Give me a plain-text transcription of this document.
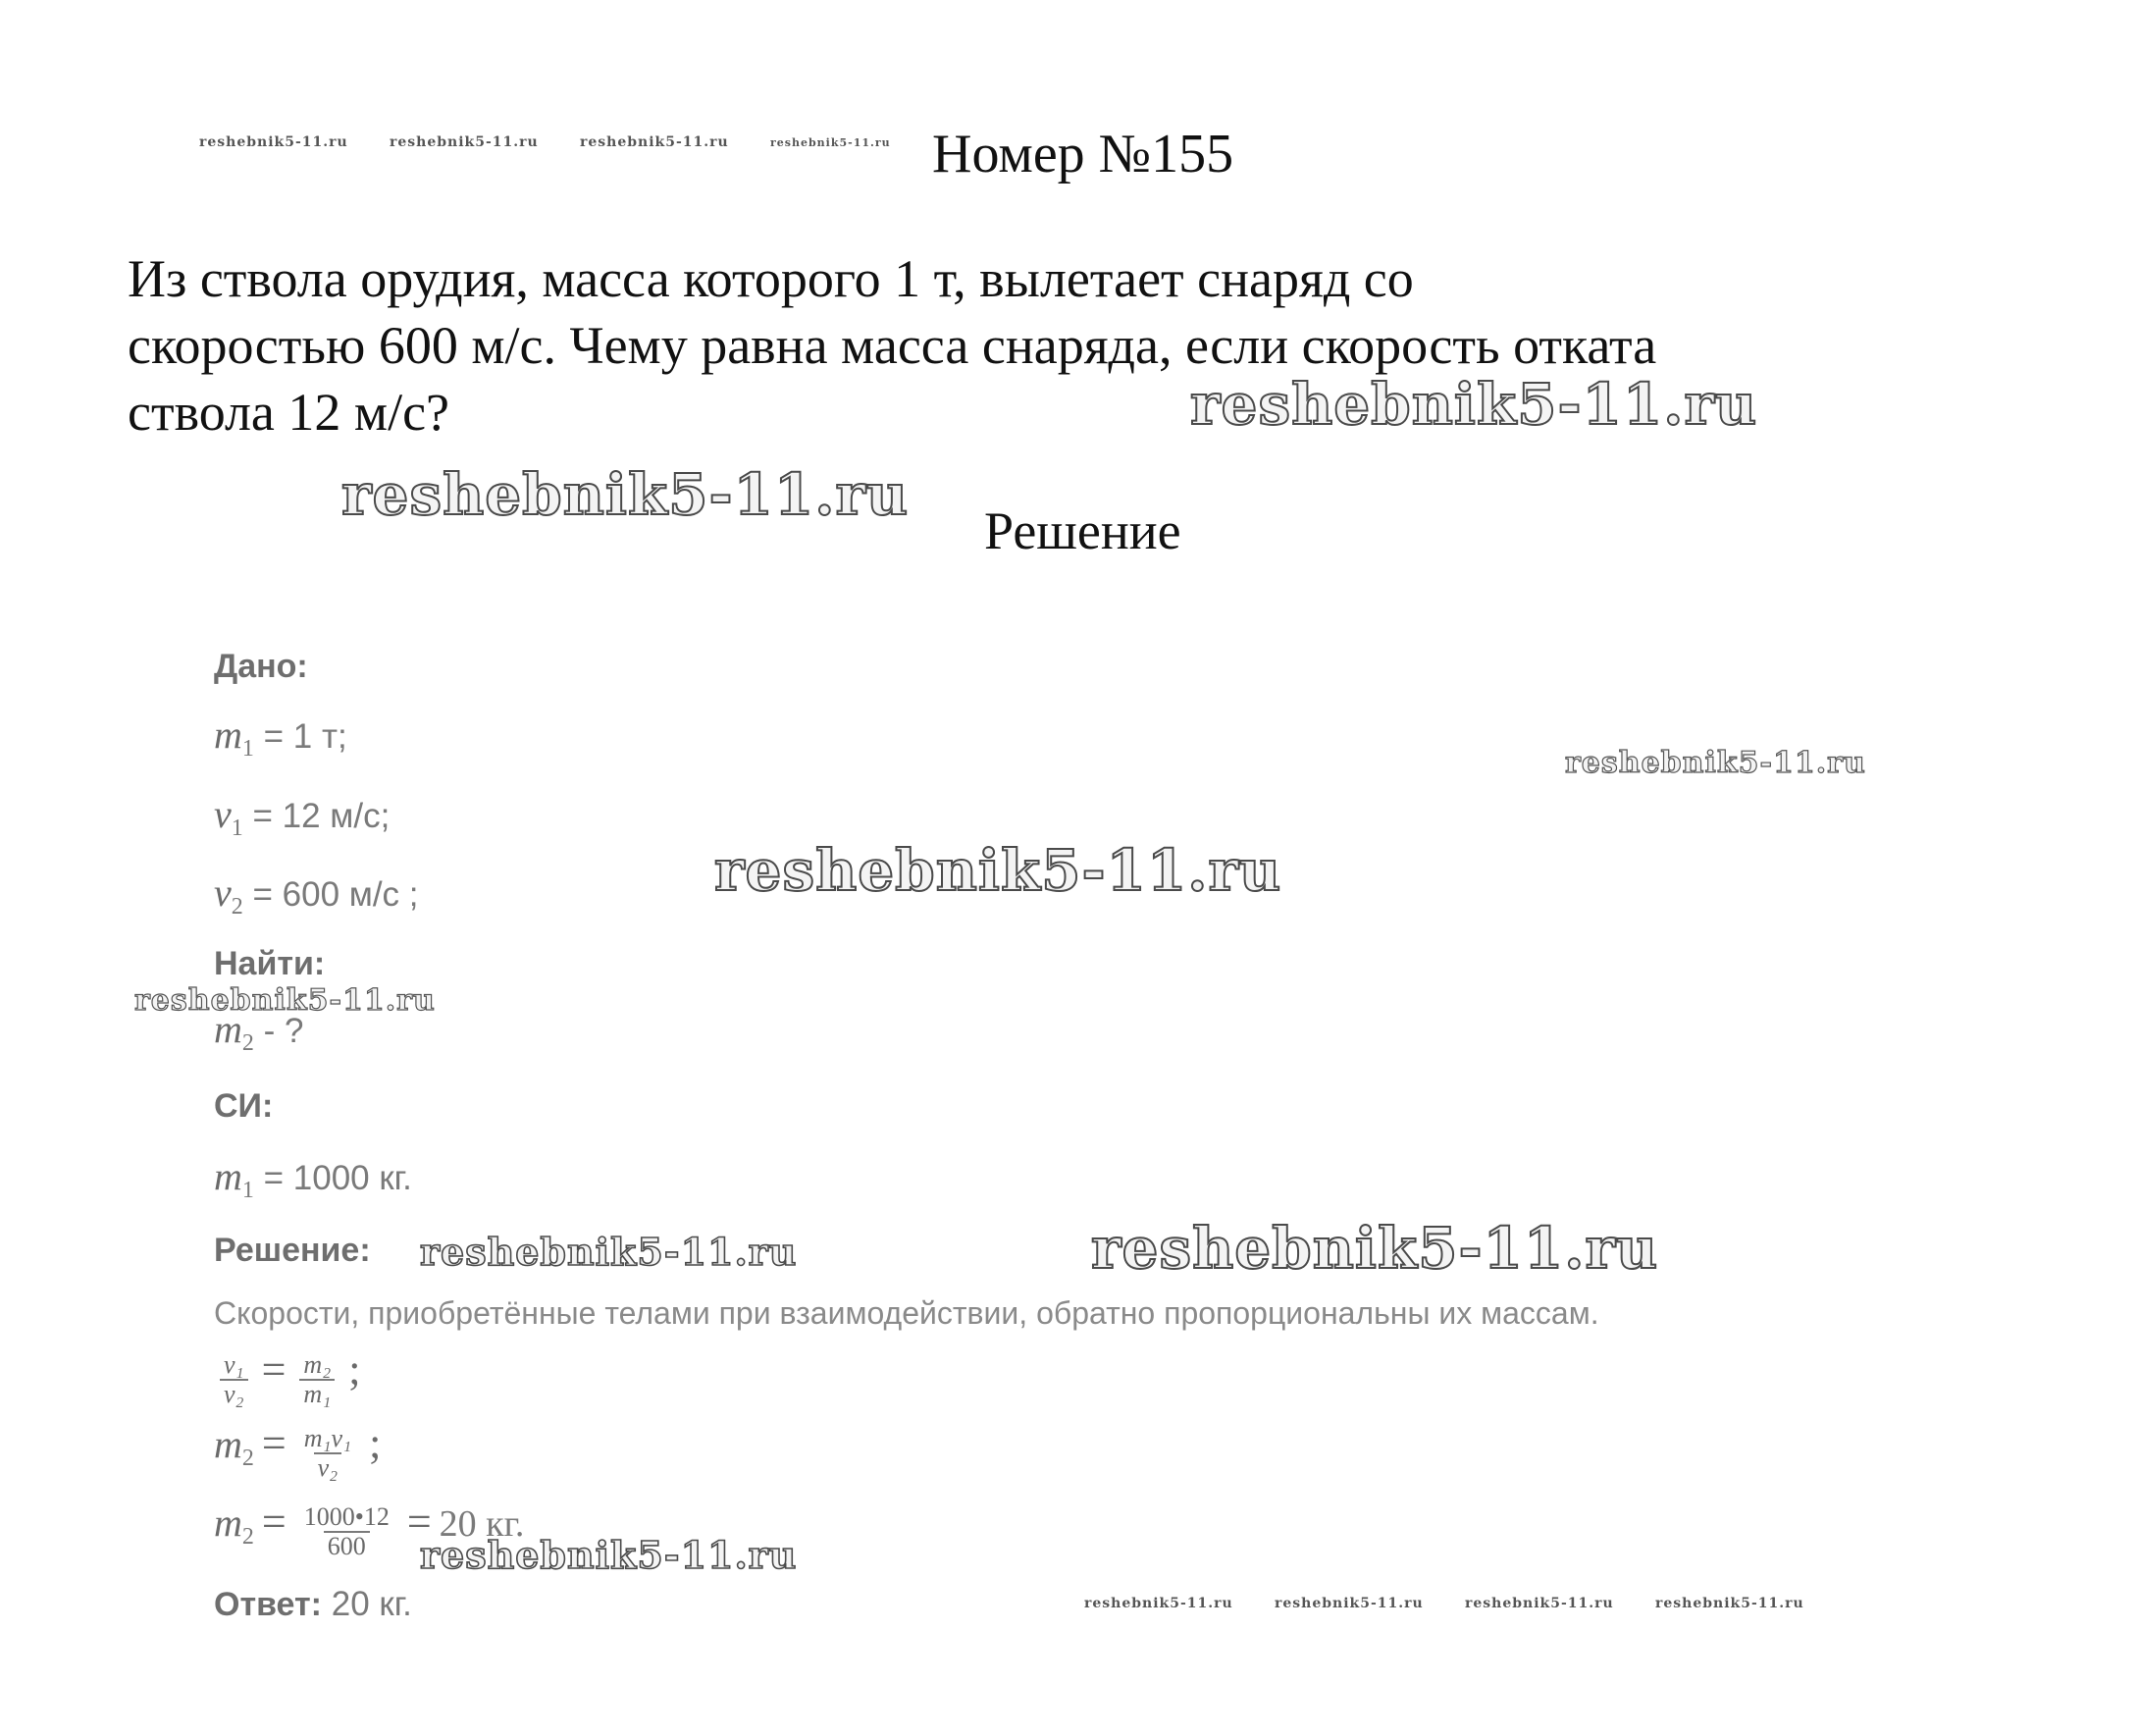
Номер №155
Из ствола орудия, масса которого 1 т, вылетает снаряд со
скоростью 600 м/с. Чему равна масса снаряда, если скорость отката
ствола 12 м/с?
Решение
Дано:
m1 = 1 т;
v1 = 12 м/с;
v2 = 600 м/с ;
Найти:
m2 - ?
СИ:
m1 = 1000 кг.
Решение:
Скорости, приобретённые телами при взаимодействии, обратно пропорциональны их массам.
$\frac{\text{v₁}}{\text{v₂}} = \frac{\text{m₂}}{\text{m₁}}$ ;
$m2 = \frac{\text{m₁v₁}}{\text{v₂}}$ ;
$m2 = \frac{1000•12}{600} = 20$ кг.
Ответ: 20 кг.
reshebnik5-11.ru	reshebnik5-11.ru	reshebnik5-11.ru	reshebnik5-11.ru
reshebnik5-11.ru
reshebnik5-11.ru
reshebnik5-11.ru
reshebnik5-11.ru
reshebnik5-11.ru
reshebnik5-11.ru	reshebnik5-11.ru
reshebnik5-11.ru
reshebnik5-11.ru	reshebnik5-11.ru	reshebnik5-11.ru	reshebnik5-11.ru
